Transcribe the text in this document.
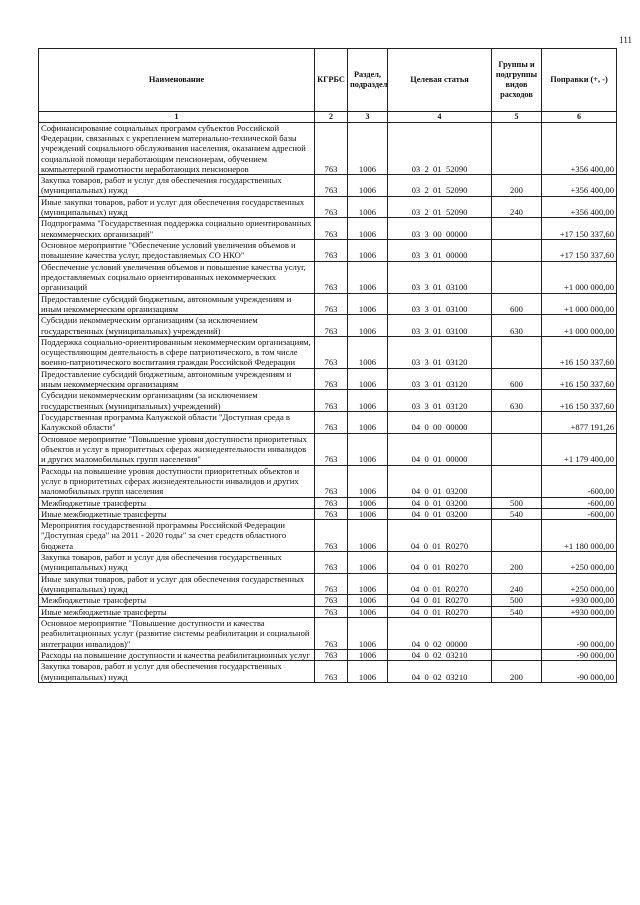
111
Наименование	КГРБС	Раздел, подраздел	Целевая статья	Группы и подгруппы видов расходов	Поправки (+, -)
1	2	3	4	5	6
Софинансирование социальных программ субъектов Российской Федерации, связанных с укреплением материально-технической базы учреждений социального обслуживания населения, оказанием адресной социальной помощи неработающим пенсионерам, обучением компьютерной грамотности неработающих пенсионеров	763	1006	03  2  01  52090		+356 400,00
Закупка товаров, работ и услуг для обеспечения государственных (муниципальных) нужд	763	1006	03  2  01  52090	200	+356 400,00
Иные закупки товаров, работ и услуг для обеспечения государственных (муниципальных) нужд	763	1006	03  2  01  52090	240	+356 400,00
Подпрограмма "Государственная поддержка социально ориентированных некоммерческих организаций"	763	1006	03  3  00  00000		+17 150 337,60
Основное мероприятие "Обеспечение условий увеличения объемов и повышение качества услуг, предоставляемых СО НКО"	763	1006	03  3  01  00000		+17 150 337,60
Обеспечение условий увеличения объемов и повышение качества услуг, предоставляемых социально ориентированных некоммерческих организаций	763	1006	03  3  01  03100		+1 000 000,00
Предоставление субсидий бюджетным, автономным учреждениям и иным некоммерческим организациям	763	1006	03  3  01  03100	600	+1 000 000,00
Субсидии некоммерческим организациям (за исключением государственных (муниципальных) учреждений)	763	1006	03  3  01  03100	630	+1 000 000,00
Поддержка социально-ориентированным некоммерческим организациям, осуществляющим деятельность в сфере патриотического, в том числе военно-патриотического воспитания граждан Российской Федерации	763	1006	03  3  01  03120		+16 150 337,60
Предоставление субсидий бюджетным, автономным учреждениям и иным некоммерческим организациям	763	1006	03  3  01  03120	600	+16 150 337,60
Субсидии некоммерческим организациям (за исключением государственных (муниципальных) учреждений)	763	1006	03  3  01  03120	630	+16 150 337,60
Государственная программа Калужской области "Доступная среда в Калужской области"	763	1006	04  0  00  00000		+877 191,26
Основное мероприятие "Повышение уровня доступности приоритетных объектов и услуг в приоритетных сферах жизнедеятельности инвалидов и других маломобильных групп населения"	763	1006	04  0  01  00000		+1 179 400,00
Расходы на повышение уровня доступности приоритетных объектов и услуг в приоритетных сферах жизнедеятельности инвалидов и других маломобильных групп населения	763	1006	04  0  01  03200		-600,00
Межбюджетные трансферты	763	1006	04  0  01  03200	500	-600,00
Иные межбюджетные трансферты	763	1006	04  0  01  03200	540	-600,00
Мероприятия государственной программы Российской Федерации "Доступная среда" на 2011 - 2020 годы" за счет средств областного бюджета	763	1006	04  0  01  R0270		+1 180 000,00
Закупка товаров, работ и услуг для обеспечения государственных (муниципальных) нужд	763	1006	04  0  01  R0270	200	+250 000,00
Иные закупки товаров, работ и услуг для обеспечения государственных (муниципальных) нужд	763	1006	04  0  01  R0270	240	+250 000,00
Межбюджетные трансферты	763	1006	04  0  01  R0270	500	+930 000,00
Иные межбюджетные трансферты	763	1006	04  0  01  R0270	540	+930 000,00
Основное мероприятие "Повышение доступности и качества реабилитационных услуг (развитие системы реабилитации и социальной интеграции инвалидов)"	763	1006	04  0  02  00000		-90 000,00
Расходы на повышение доступности и качества реабилитационных услуг	763	1006	04  0  02  03210		-90 000,00
Закупка товаров, работ и услуг для обеспечения государственных (муниципальных) нужд	763	1006	04  0  02  03210	200	-90 000,00
